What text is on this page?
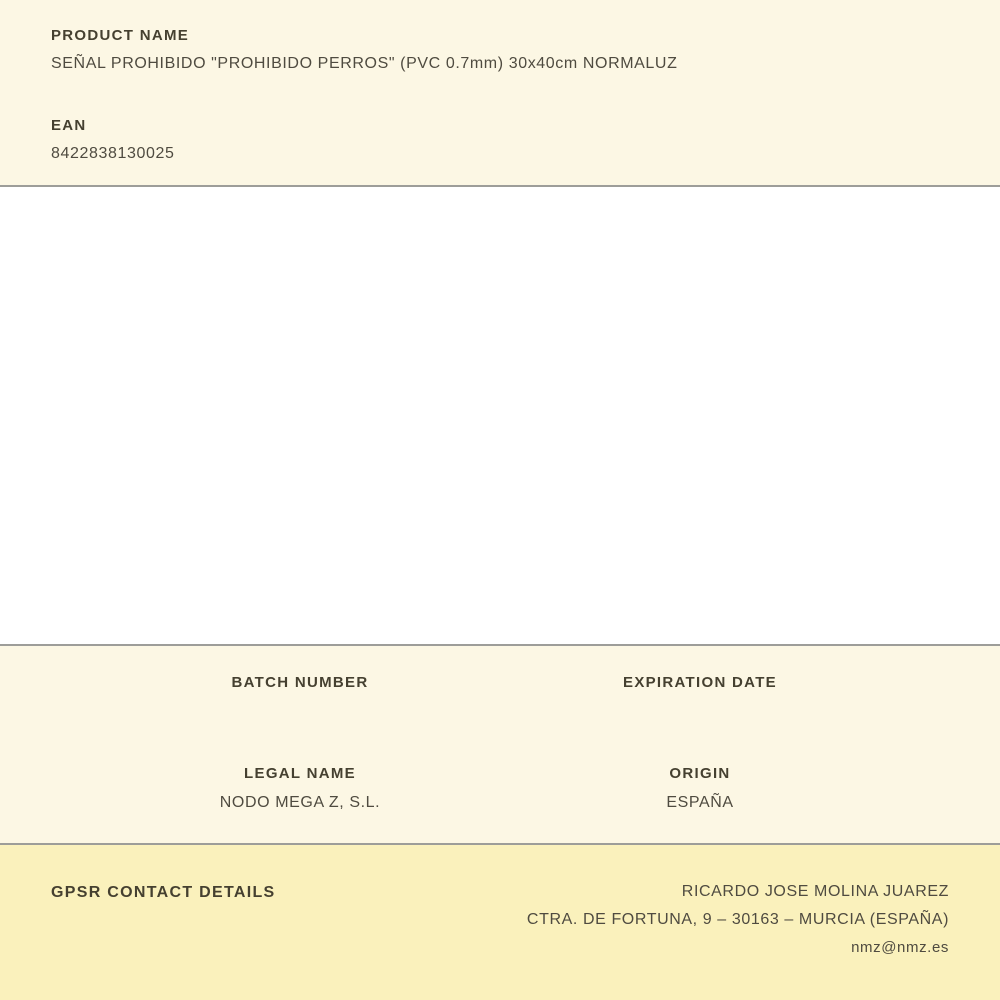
PRODUCT NAME
SEÑAL PROHIBIDO "PROHIBIDO PERROS" (PVC 0.7mm) 30x40cm NORMALUZ
EAN
8422838130025
BATCH NUMBER	EXPIRATION DATE
LEGAL NAME
NODO MEGA Z, S.L.
ORIGIN
ESPAÑA
GPSR CONTACT DETAILS	RICARDO JOSE MOLINA JUAREZ
CTRA. DE FORTUNA, 9 – 30163 – MURCIA (ESPAÑA)
nmz@nmz.es
